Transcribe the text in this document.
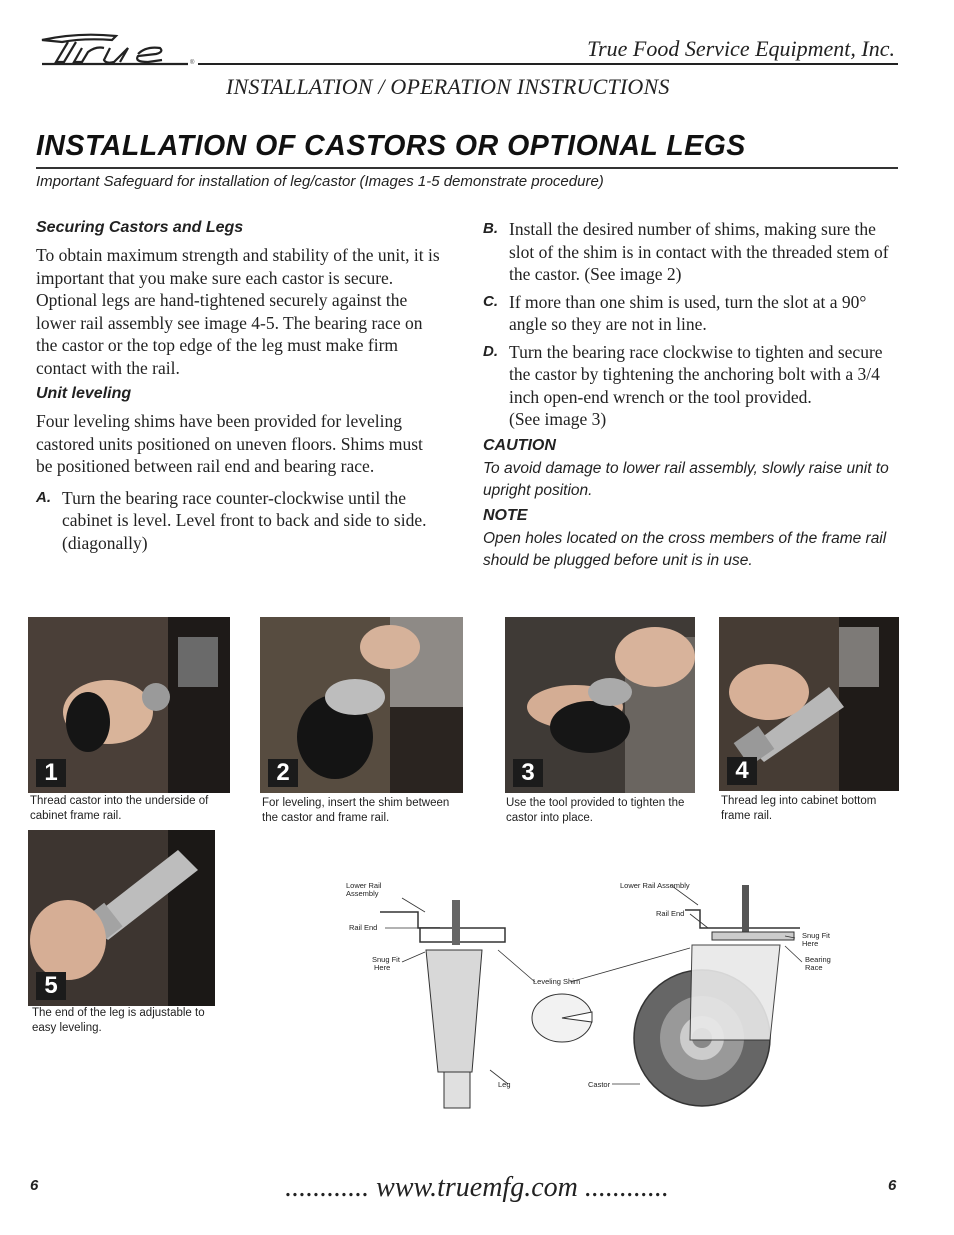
®
True Food Service Equipment, Inc.
INSTALLATION / OPERATION INSTRUCTIONS
INSTALLATION OF CASTORS OR OPTIONAL LEGS
Important Safeguard for installation of leg/castor (Images 1-5 demonstrate procedure)
Securing Castors and Legs

To obtain maximum strength and stability of the unit, it is important that you make sure each castor is secure. Optional legs are hand-tightened securely against the lower rail assembly see image 4-5. The bearing race on the castor or the top edge of the leg must make firm contact with the rail.

Unit leveling

Four leveling shims have been provided for leveling castored units positioned on uneven floors. Shims must be positioned between rail end and bearing race.

A. Turn the bearing race counter-clockwise until the cabinet is level. Level front to back and side to side. (diagonally)
B. Install the desired number of shims, making sure the slot of the shim is in contact with the threaded stem of the castor. (See image 2)
C. If more than one shim is used, turn the slot at a 90° angle so they are not in line.
D. Turn the bearing race clockwise to tighten and secure the castor by tightening the anchoring bolt with a 3/4 inch open-end wrench or the tool provided.
(See image 3)
CAUTION

To avoid damage to lower rail assembly, slowly raise unit to upright position.

NOTE

Open holes located on the cross members of the frame rail should be plugged before unit is in use.

1
Thread castor into the underside of cabinet frame rail.
2
For leveling, insert the shim between the castor and frame rail.
3
Use the tool provided to tighten the castor into place.
4
Thread leg into cabinet bottom frame rail.
5
The end of the leg is adjustable to easy leveling.
Lower Rail
Assembly
Rail End
Snug Fit
Here
Leveling Shim
Leg	Castor
Lower Rail Assembly
Rail End
Snug Fit
Here
Bearing
Race
6	............ www.truemfg.com ............	6
